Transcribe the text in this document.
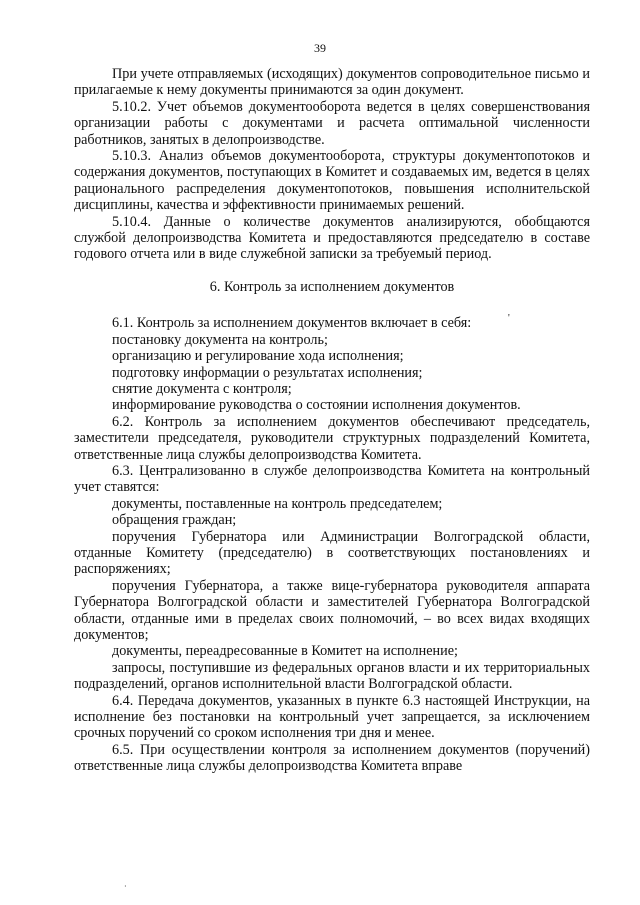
39

При учете отправляемых (исходящих) документов сопроводительное письмо и прилагаемые к нему документы принимаются за один документ.

5.10.2. Учет объемов документооборота ведется в целях совершенствования организации работы с документами и расчета оптимальной численности работников, занятых в делопроизводстве.

5.10.3. Анализ объемов документооборота, структуры документопотоков и содержания документов, поступающих в Комитет и создаваемых им, ведется в целях рационального распределения документопотоков, повышения исполнительской дисциплины, качества и эффективности принимаемых решений.

5.10.4. Данные о количестве документов анализируются, обобщаются службой делопроизводства Комитета и предоставляются председателю в составе годового отчета или в виде служебной записки за требуемый период.

6. Контроль за исполнением документов

6.1. Контроль за исполнением документов включает в себя:

постановку документа на контроль;

организацию и регулирование хода исполнения;

подготовку информации о результатах исполнения;

снятие документа с контроля;

информирование руководства о состоянии исполнения документов.

6.2. Контроль за исполнением документов обеспечивают председатель, заместители председателя, руководители структурных подразделений Комитета, ответственные лица службы делопроизводства Комитета.

6.3. Централизованно в службе делопроизводства Комитета на контрольный учет ставятся:

документы, поставленные на контроль председателем;

обращения граждан;

поручения Губернатора или Администрации Волгоградской области, отданные Комитету (председателю) в соответствующих постановлениях и распоряжениях;

поручения Губернатора, а также вице-губернатора руководителя аппарата Губернатора Волгоградской области и заместителей Губернатора Волгоградской области, отданные ими в пределах своих полномочий, – во всех видах входящих документов;

документы, переадресованные в Комитет на исполнение;

запросы, поступившие из федеральных органов власти и их территориальных подразделений, органов исполнительной власти Волгоградской области.

6.4. Передача документов, указанных в пункте 6.3 настоящей Инструкции, на исполнение без постановки на контрольный учет запрещается, за исключением срочных поручений со сроком исполнения три дня и менее.

6.5. При осуществлении контроля за исполнением документов (поручений) ответственные лица службы делопроизводства Комитета вправе

'
·
